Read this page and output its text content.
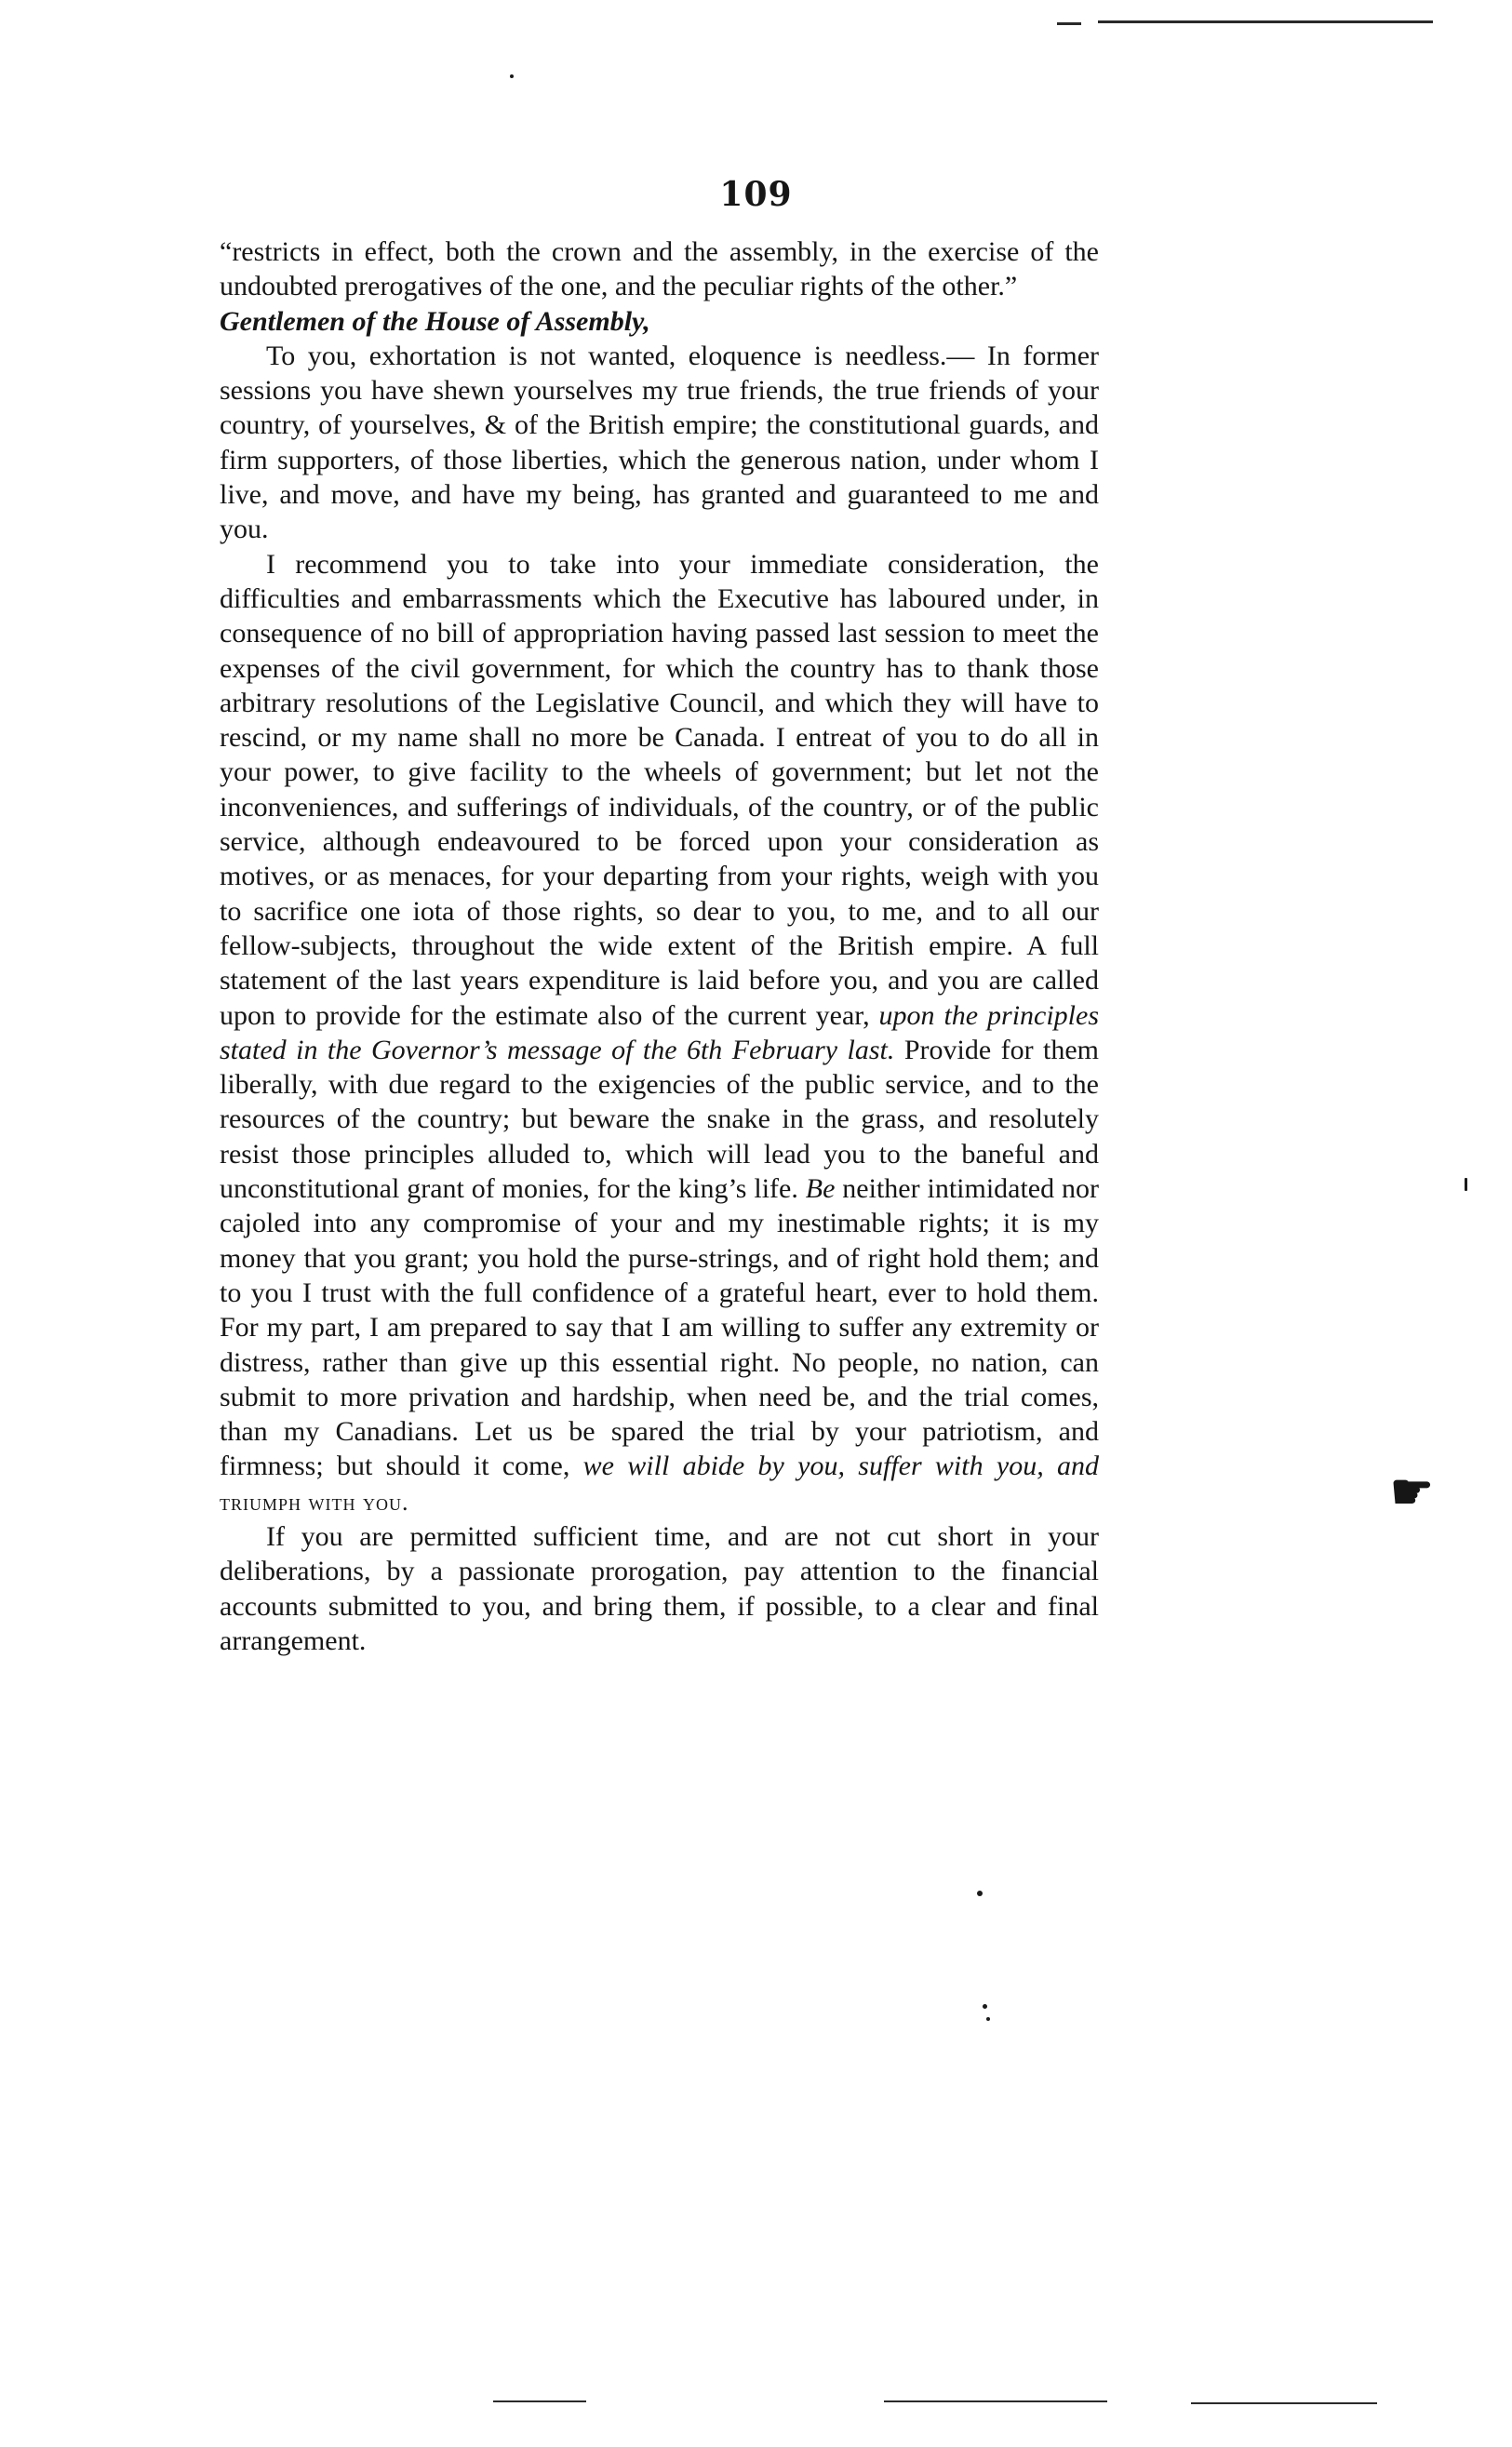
109

“restricts in effect, both the crown and the assembly, in the exercise of the undoubted prerogatives of the one, and the peculiar rights of the other.”

Gentlemen of the House of Assembly,

To you, exhortation is not wanted, eloquence is needless.— In former sessions you have shewn yourselves my true friends, the true friends of your country, of yourselves, & of the British empire; the constitutional guards, and firm supporters, of those liberties, which the generous nation, under whom I live, and move, and have my being, has granted and guaranteed to me and you.

I recommend you to take into your immediate consideration, the difficulties and embarrassments which the Executive has laboured under, in consequence of no bill of appropriation having passed last session to meet the expenses of the civil government, for which the country has to thank those arbitrary resolutions of the Legislative Council, and which they will have to rescind, or my name shall no more be Canada. I entreat of you to do all in your power, to give facility to the wheels of government; but let not the inconveniences, and sufferings of individuals, of the country, or of the public service, although endeavoured to be forced upon your consideration as motives, or as menaces, for your departing from your rights, weigh with you to sacrifice one iota of those rights, so dear to you, to me, and to all our fellow-subjects, throughout the wide extent of the British empire. A full statement of the last years expenditure is laid before you, and you are called upon to provide for the estimate also of the current year, upon the principles stated in the Governor’s message of the 6th February last. Provide for them liberally, with due regard to the exigencies of the public service, and to the resources of the country; but beware the snake in the grass, and resolutely resist those principles alluded to, which will lead you to the baneful and unconstitutional grant of monies, for the king’s life. Be neither intimidated nor cajoled into any compromise of your and my inestimable rights; it is my money that you grant; you hold the purse-strings, and of right hold them; and to you I trust with the full confidence of a grateful heart, ever to hold them. For my part, I am prepared to say that I am willing to suffer any extremity or distress, rather than give up this essential right. No people, no nation, can submit to more privation and hardship, when need be, and the trial comes, than my Canadians. Let us be spared the trial by your patriotism, and firmness; but should it come, we will abide by you, suffer with you, and triumph with you.

If you are permitted sufficient time, and are not cut short in your deliberations, by a passionate prorogation, pay attention to the financial accounts submitted to you, and bring them, if possible, to a clear and final arrangement.

☛
